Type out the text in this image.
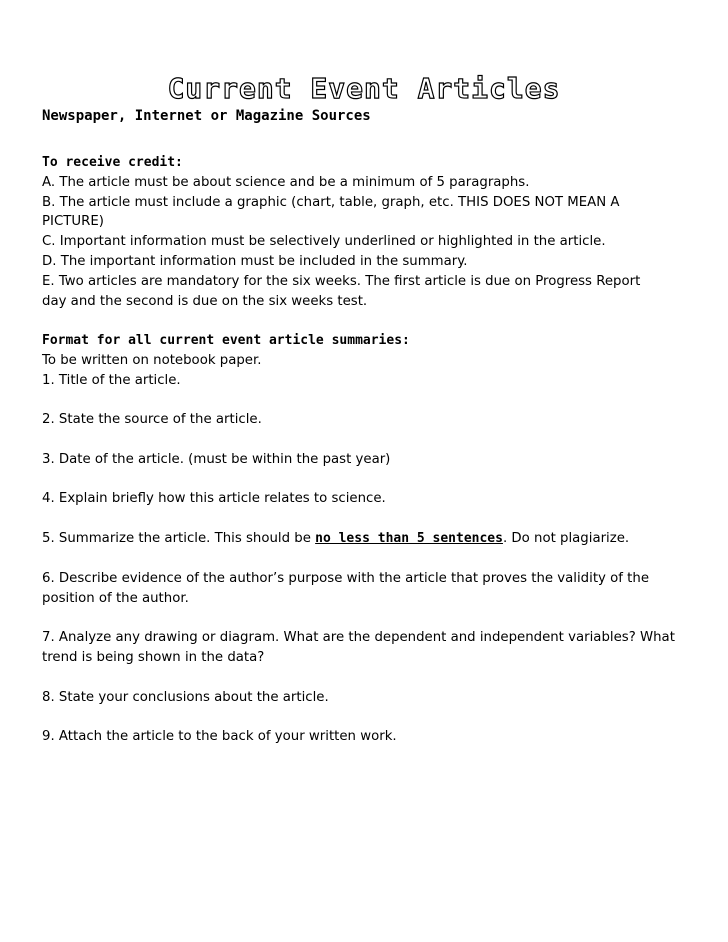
Current Event Articles
Newspaper, Internet or Magazine Sources
To receive credit:
A. The article must be about science and be a minimum of 5 paragraphs.
B. The article must include a graphic (chart, table, graph, etc. THIS DOES NOT MEAN A
PICTURE)
C. Important information must be selectively underlined or highlighted in the article.
D. The important information must be included in the summary.
E. Two articles are mandatory for the six weeks. The first article is due on Progress Report
day and the second is due on the six weeks test.
Format for all current event article summaries:
To be written on notebook paper.
1. Title of the article.
2. State the source of the article.
3. Date of the article. (must be within the past year)
4. Explain briefly how this article relates to science.
5. Summarize the article. This should be no less than 5 sentences. Do not plagiarize.
6. Describe evidence of the author’s purpose with the article that proves the validity of the
position of the author.
7. Analyze any drawing or diagram. What are the dependent and independent variables? What
trend is being shown in the data?
8. State your conclusions about the article.
9. Attach the article to the back of your written work.
